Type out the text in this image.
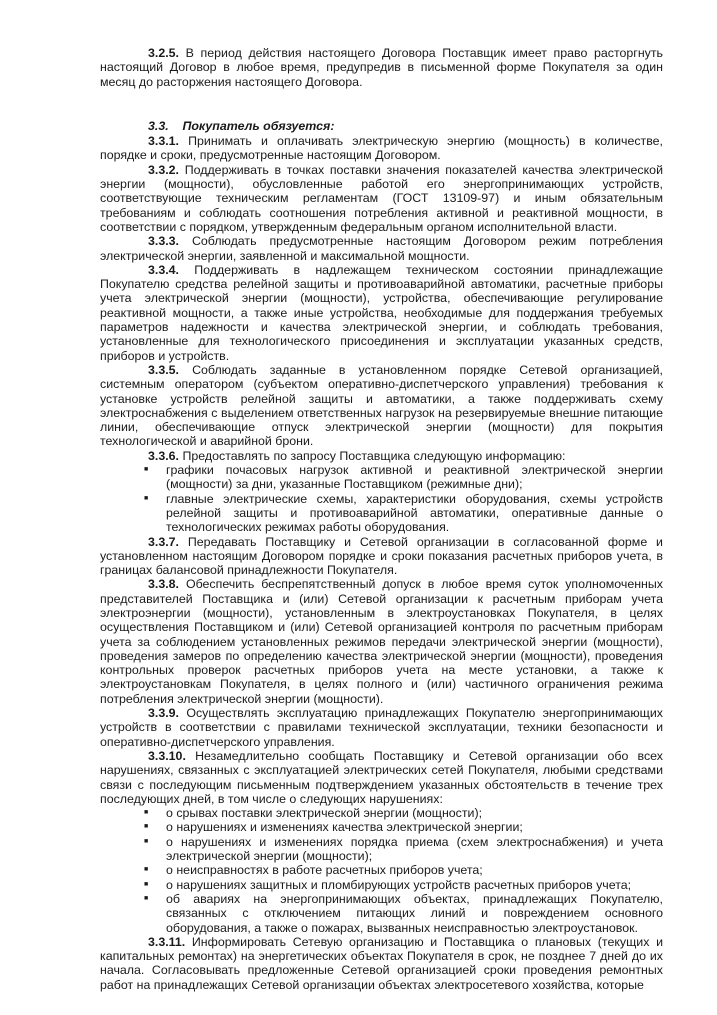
3.2.5. В период действия настоящего Договора Поставщик имеет право расторгнуть настоящий Договор в любое время, предупредив в письменной форме Покупателя за один месяц до расторжения настоящего Договора.

3.3. Покупатель обязуется:

3.3.1. Принимать и оплачивать электрическую энергию (мощность) в количестве, порядке и сроки, предусмотренные настоящим Договором.

3.3.2. Поддерживать в точках поставки значения показателей качества электрической энергии (мощности), обусловленные работой его энергопринимающих устройств, соответствующие техническим регламентам (ГОСТ 13109-97) и иным обязательным требованиям и соблюдать соотношения потребления активной и реактивной мощности, в соответствии с порядком, утвержденным федеральным органом исполнительной власти.

3.3.3. Соблюдать предусмотренные настоящим Договором режим потребления электрической энергии, заявленной и максимальной мощности.

3.3.4. Поддерживать в надлежащем техническом состоянии принадлежащие Покупателю средства релейной защиты и противоаварийной автоматики, расчетные приборы учета электрической энергии (мощности), устройства, обеспечивающие регулирование реактивной мощности, а также иные устройства, необходимые для поддержания требуемых параметров надежности и качества электрической энергии, и соблюдать требования, установленные для технологического присоединения и эксплуатации указанных средств, приборов и устройств.

3.3.5. Соблюдать заданные в установленном порядке Сетевой организацией, системным оператором (субъектом оперативно-диспетчерского управления) требования к установке устройств релейной защиты и автоматики, а также поддерживать схему электроснабжения с выделением ответственных нагрузок на резервируемые внешние питающие линии, обеспечивающие отпуск электрической энергии (мощности) для покрытия технологической и аварийной брони.

3.3.6. Предоставлять по запросу Поставщика следующую информацию:

■ графики почасовых нагрузок активной и реактивной электрической энергии (мощности) за дни, указанные Поставщиком (режимные дни);
■ главные электрические схемы, характеристики оборудования, схемы устройств релейной защиты и противоаварийной автоматики, оперативные данные о технологических режимах работы оборудования.

3.3.7. Передавать Поставщику и Сетевой организации в согласованной форме и установленном настоящим Договором порядке и сроки показания расчетных приборов учета, в границах балансовой принадлежности Покупателя.

3.3.8. Обеспечить беспрепятственный допуск в любое время суток уполномоченных представителей Поставщика и (или) Сетевой организации к расчетным приборам учета электроэнергии (мощности), установленным в электроустановках Покупателя, в целях осуществления Поставщиком и (или) Сетевой организацией контроля по расчетным приборам учета за соблюдением установленных режимов передачи электрической энергии (мощности), проведения замеров по определению качества электрической энергии (мощности), проведения контрольных проверок расчетных приборов учета на месте установки, а также к электроустановкам Покупателя, в целях полного и (или) частичного ограничения режима потребления электрической энергии (мощности).

3.3.9. Осуществлять эксплуатацию принадлежащих Покупателю энергопринимающих устройств в соответствии с правилами технической эксплуатации, техники безопасности и оперативно-диспетчерского управления.

3.3.10. Незамедлительно сообщать Поставщику и Сетевой организации обо всех нарушениях, связанных с эксплуатацией электрических сетей Покупателя, любыми средствами связи с последующим письменным подтверждением указанных обстоятельств в течение трех последующих дней, в том числе о следующих нарушениях:

■ о срывах поставки электрической энергии (мощности);
■ о нарушениях и изменениях качества электрической энергии;
■ о нарушениях и изменениях порядка приема (схем электроснабжения) и учета электрической энергии (мощности);
■ о неисправностях в работе расчетных приборов учета;
■ о нарушениях защитных и пломбирующих устройств расчетных приборов учета;
■ об авариях на энергопринимающих объектах, принадлежащих Покупателю, связанных с отключением питающих линий и повреждением основного оборудования, а также о пожарах, вызванных неисправностью электроустановок.

3.3.11. Информировать Сетевую организацию и Поставщика о плановых (текущих и капитальных ремонтах) на энергетических объектах Покупателя в срок, не позднее 7 дней до их начала. Согласовывать предложенные Сетевой организацией сроки проведения ремонтных работ на принадлежащих Сетевой организации объектах электросетевого хозяйства, которые
